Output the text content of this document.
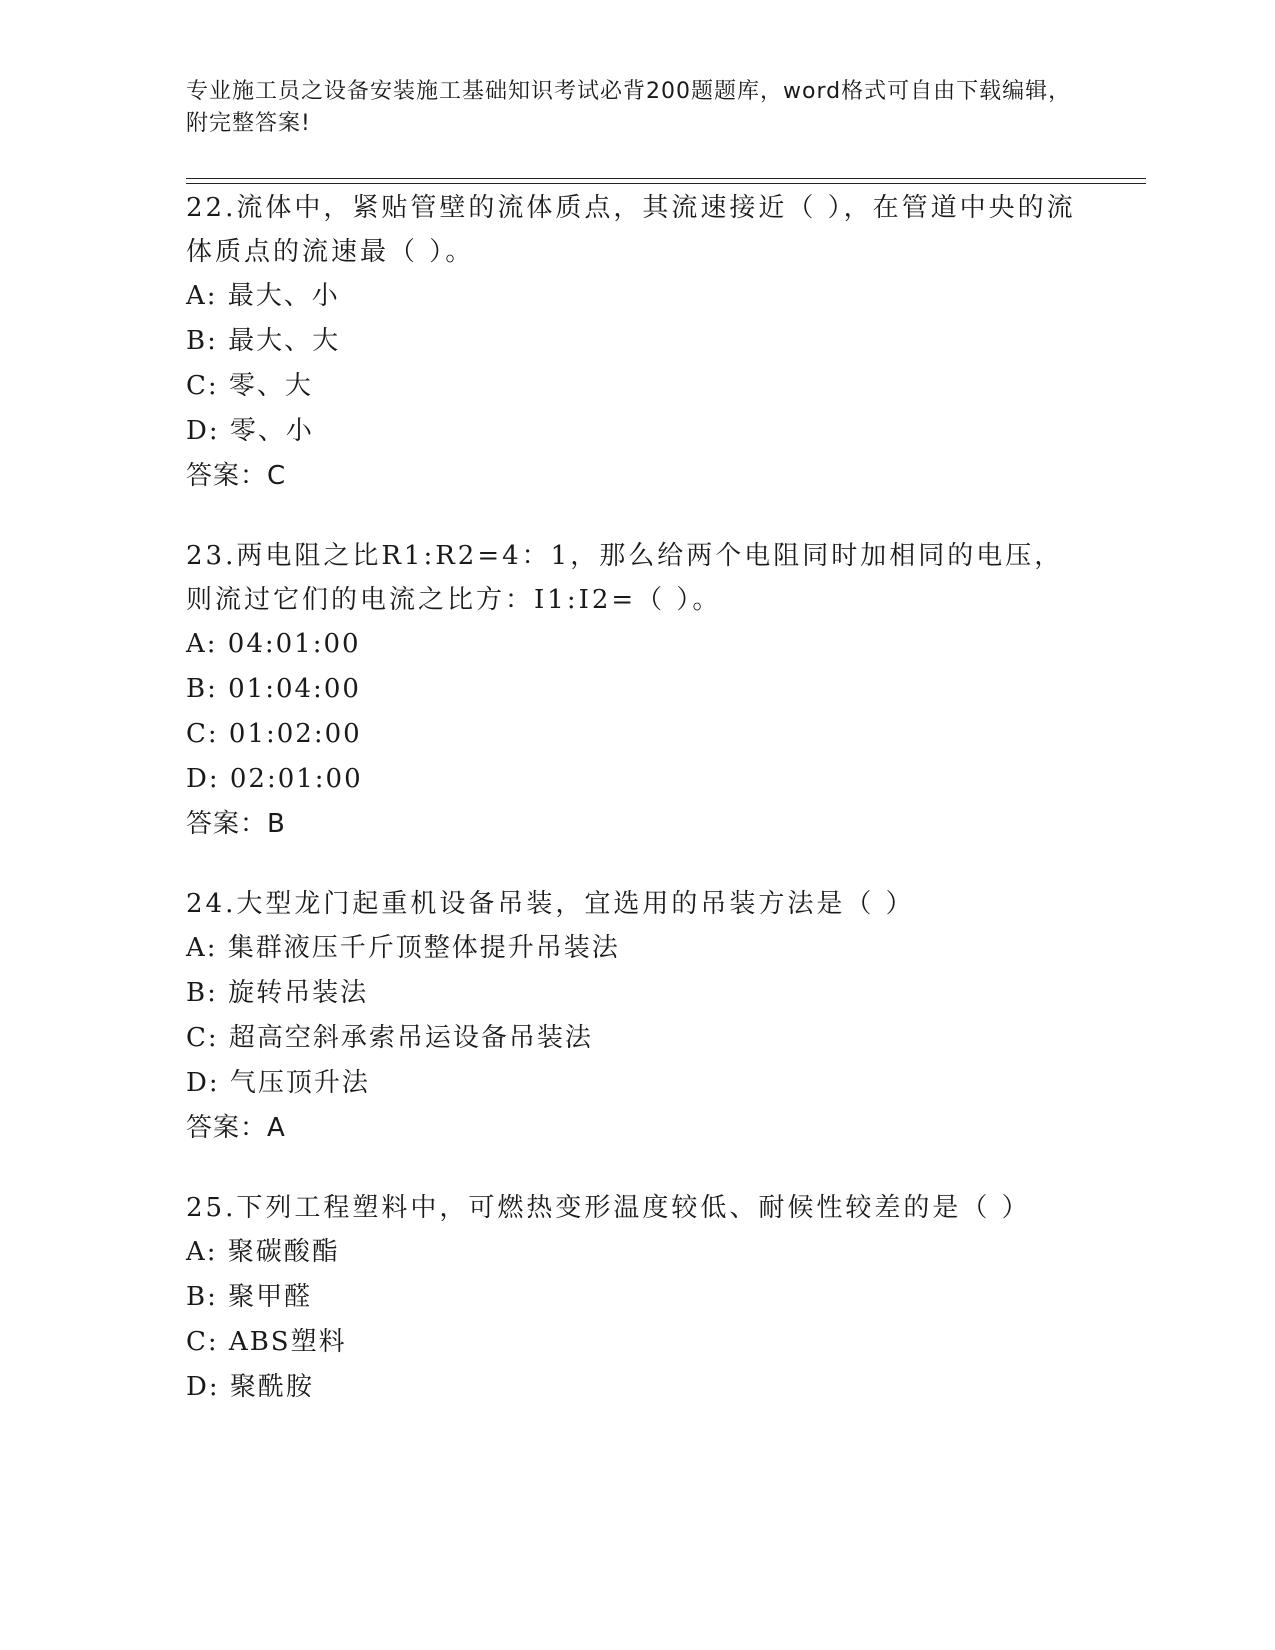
专业施工员之设备安装施工基础知识考试必背200题题库，word格式可自由下载编辑，附完整答案!

22.流体中，紧贴管壁的流体质点，其流速接近（ ），在管道中央的流体质点的流速最（ ）。

A: 最大、小

B: 最大、大

C: 零、大

D: 零、小

答案：C

23.两电阻之比R1:R2=4：1，那么给两个电阻同时加相同的电压，则流过它们的电流之比方：I1:I2=（ ）。

A: 04:01:00

B: 01:04:00

C: 01:02:00

D: 02:01:00

答案：B

24.大型龙门起重机设备吊装，宜选用的吊装方法是（ ）

A: 集群液压千斤顶整体提升吊装法

B: 旋转吊装法

C: 超高空斜承索吊运设备吊装法

D: 气压顶升法

答案：A

25.下列工程塑料中，可燃热变形温度较低、耐候性较差的是（ ）

A: 聚碳酸酯

B: 聚甲醛

C: ABS塑料

D: 聚酰胺
